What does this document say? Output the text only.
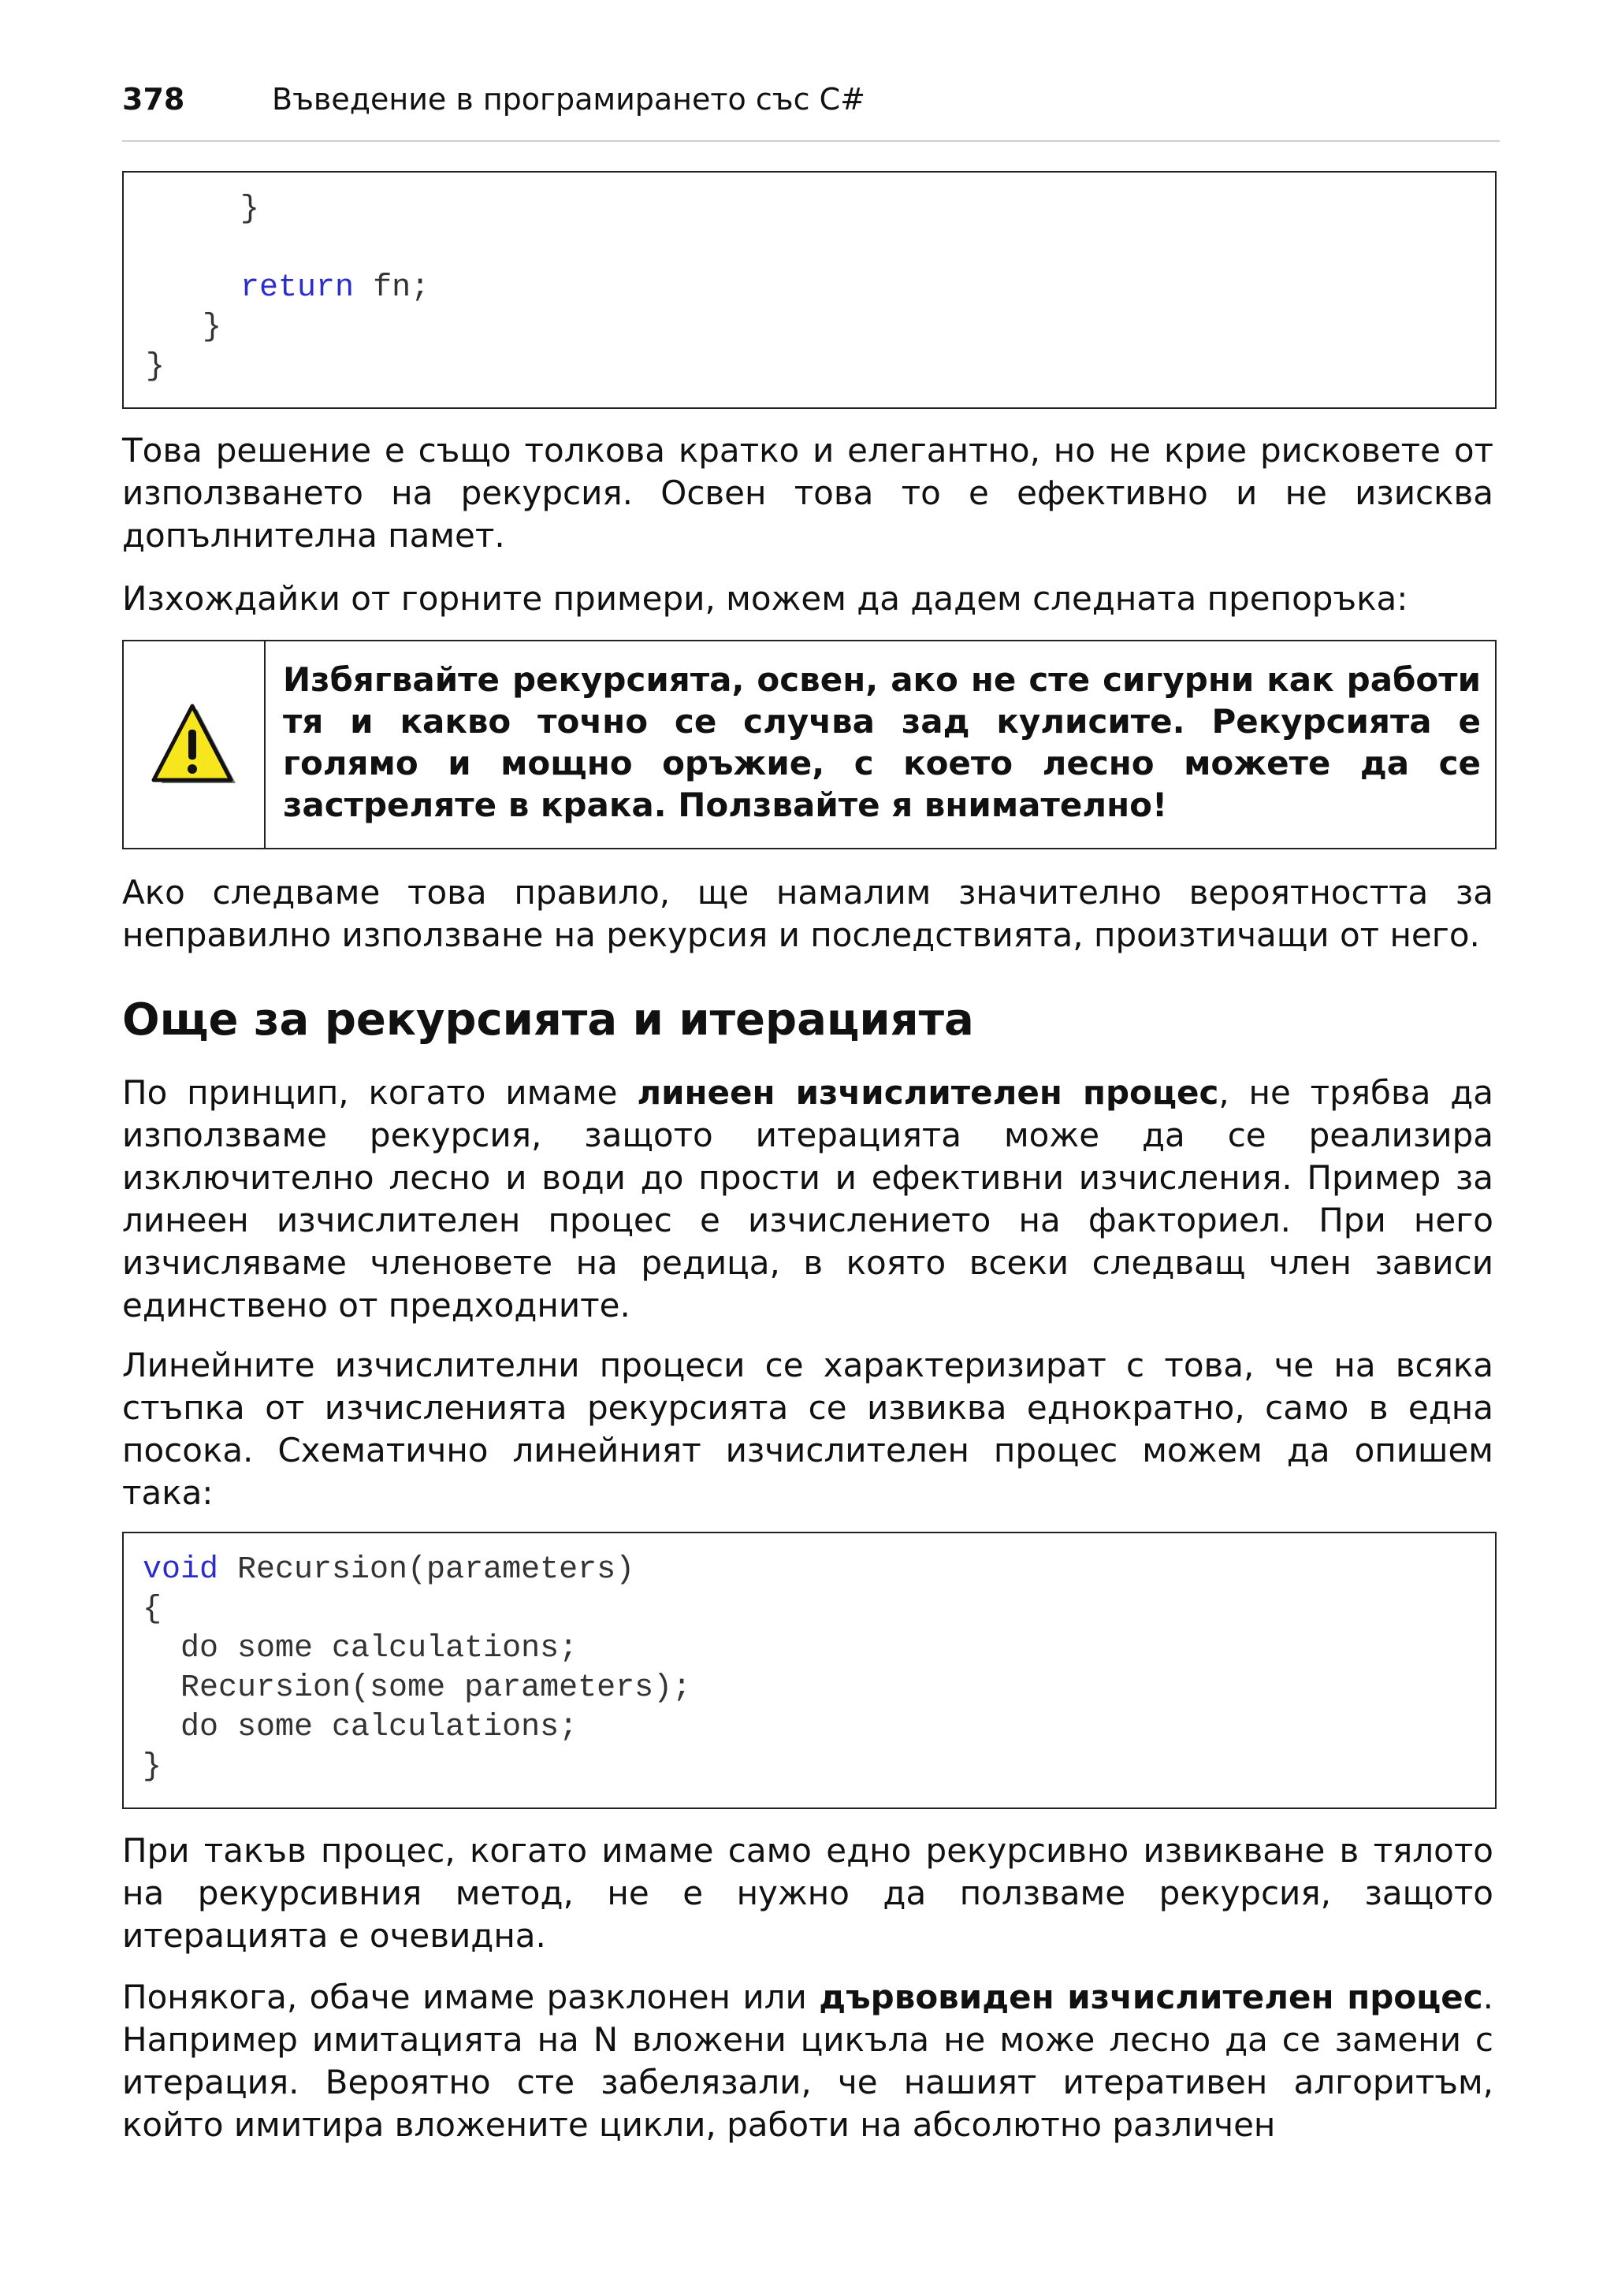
378	Въведение в програмирането със C#
}
return fn;
}
}

Това решение е също толкова кратко и елегантно, но не крие рисковете от използването на рекурсия. Освен това то е ефективно и не изисква допълнителна памет.

Изхождайки от горните примери, можем да дадем следната препоръка:

Избягвайте рекурсията, освен, ако не сте сигурни как работи тя и какво точно се случва зад кулисите. Рекурсията е голямо и мощно оръжие, с което лесно можете да се застреляте в крака. Ползвайте я внимателно!

Ако следваме това правило, ще намалим значително вероятността за неправилно използване на рекурсия и последствията, произтичащи от него.

Още за рекурсията и итерацията

По принцип, когато имаме линеен изчислителен процес, не трябва да използваме рекурсия, защото итерацията може да се реализира изключително лесно и води до прости и ефективни изчисления. Пример за линеен изчислителен процес е изчислението на факториел. При него изчисляваме членовете на редица, в която всеки следващ член зависи единствено от предходните.

Линейните изчислителни процеси се характеризират с това, че на всяка стъпка от изчисленията рекурсията се извиква еднократно, само в една посока. Схематично линейният изчислителен процес можем да опишем така:

void Recursion(parameters)
{
do some calculations;
Recursion(some parameters);
do some calculations;
}

При такъв процес, когато имаме само едно рекурсивно извикване в тялото на рекурсивния метод, не е нужно да ползваме рекурсия, защото итерацията е очевидна.

Понякога, обаче имаме разклонен или дървовиден изчислителен процес. Например имитацията на N вложени цикъла не може лесно да се замени с итерация. Вероятно сте забелязали, че нашият итеративен алгоритъм, който имитира вложените цикли, работи на абсолютно различен
